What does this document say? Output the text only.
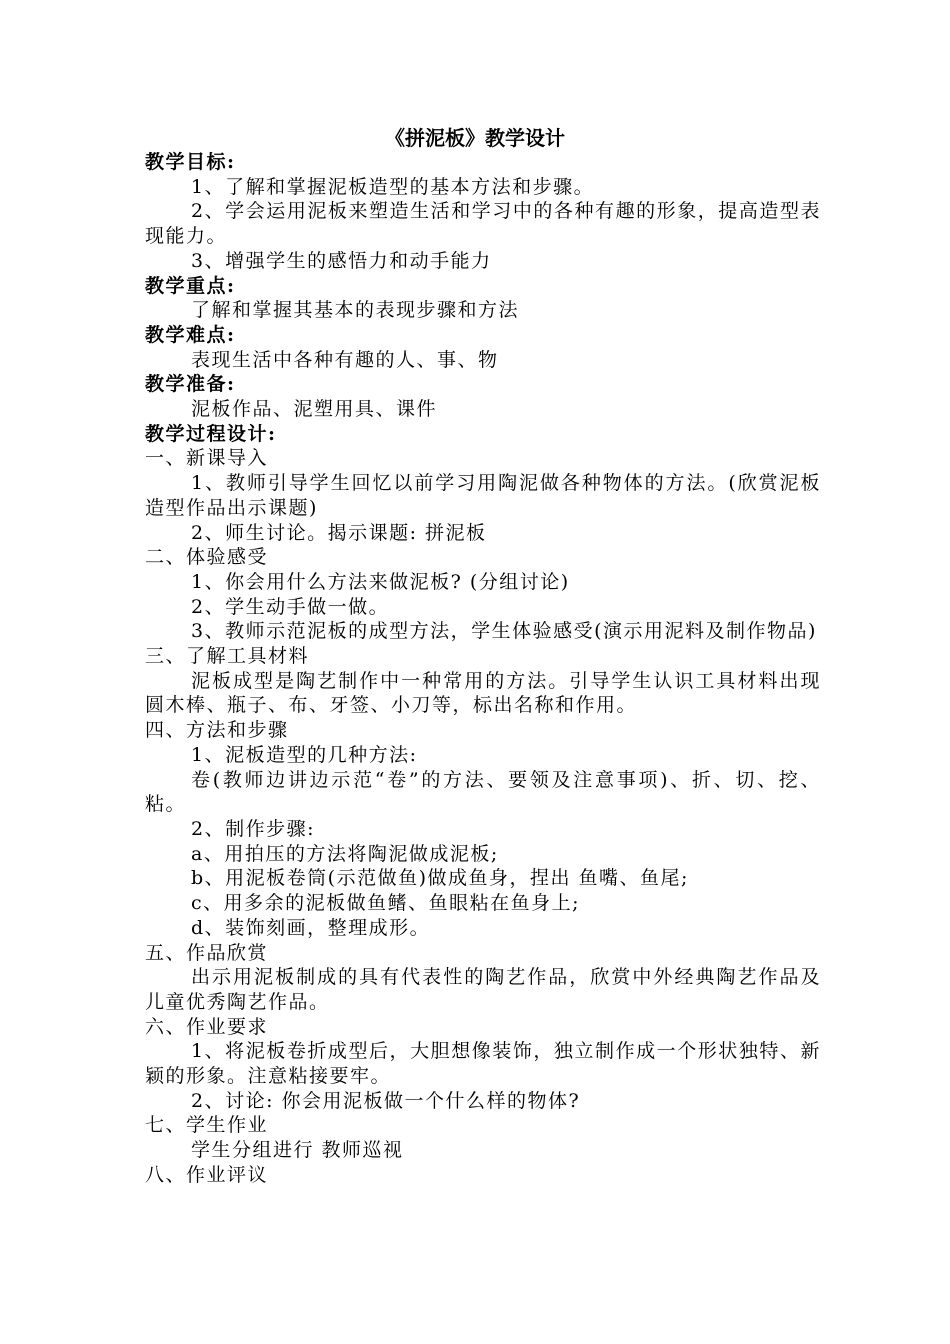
《拼泥板》教学设计

教学目标:

1、了解和掌握泥板造型的基本方法和步骤。

2、学会运用泥板来塑造生活和学习中的各种有趣的形象，提高造型表现能力。

3、增强学生的感悟力和动手能力

教学重点:

了解和掌握其基本的表现步骤和方法

教学难点:

表现生活中各种有趣的人、事、物

教学准备:

泥板作品、泥塑用具、课件

教学过程设计:

一、新课导入

1、教师引导学生回忆以前学习用陶泥做各种物体的方法。(欣赏泥板造型作品出示课题)

2、师生讨论。揭示课题: 拼泥板

二、体验感受

1、你会用什么方法来做泥板? (分组讨论)

2、学生动手做一做。

3、教师示范泥板的成型方法，学生体验感受(演示用泥料及制作物品)

三、了解工具材料

泥板成型是陶艺制作中一种常用的方法。引导学生认识工具材料出现圆木棒、瓶子、布、牙签、小刀等，标出名称和作用。

四、方法和步骤

1、泥板造型的几种方法:

卷(教师边讲边示范“卷”的方法、要领及注意事项)、折、切、挖、粘。

2、制作步骤:

a、用拍压的方法将陶泥做成泥板;

b、用泥板卷筒(示范做鱼)做成鱼身，捏出 鱼嘴、鱼尾;

c、用多余的泥板做鱼鳍、鱼眼粘在鱼身上;

d、装饰刻画，整理成形。

五、作品欣赏

出示用泥板制成的具有代表性的陶艺作品，欣赏中外经典陶艺作品及儿童优秀陶艺作品。

六、作业要求

1、将泥板卷折成型后，大胆想像装饰，独立制作成一个形状独特、新颖的形象。注意粘接要牢。

2、讨论: 你会用泥板做一个什么样的物体?

七、学生作业

学生分组进行 教师巡视

八、作业评议
